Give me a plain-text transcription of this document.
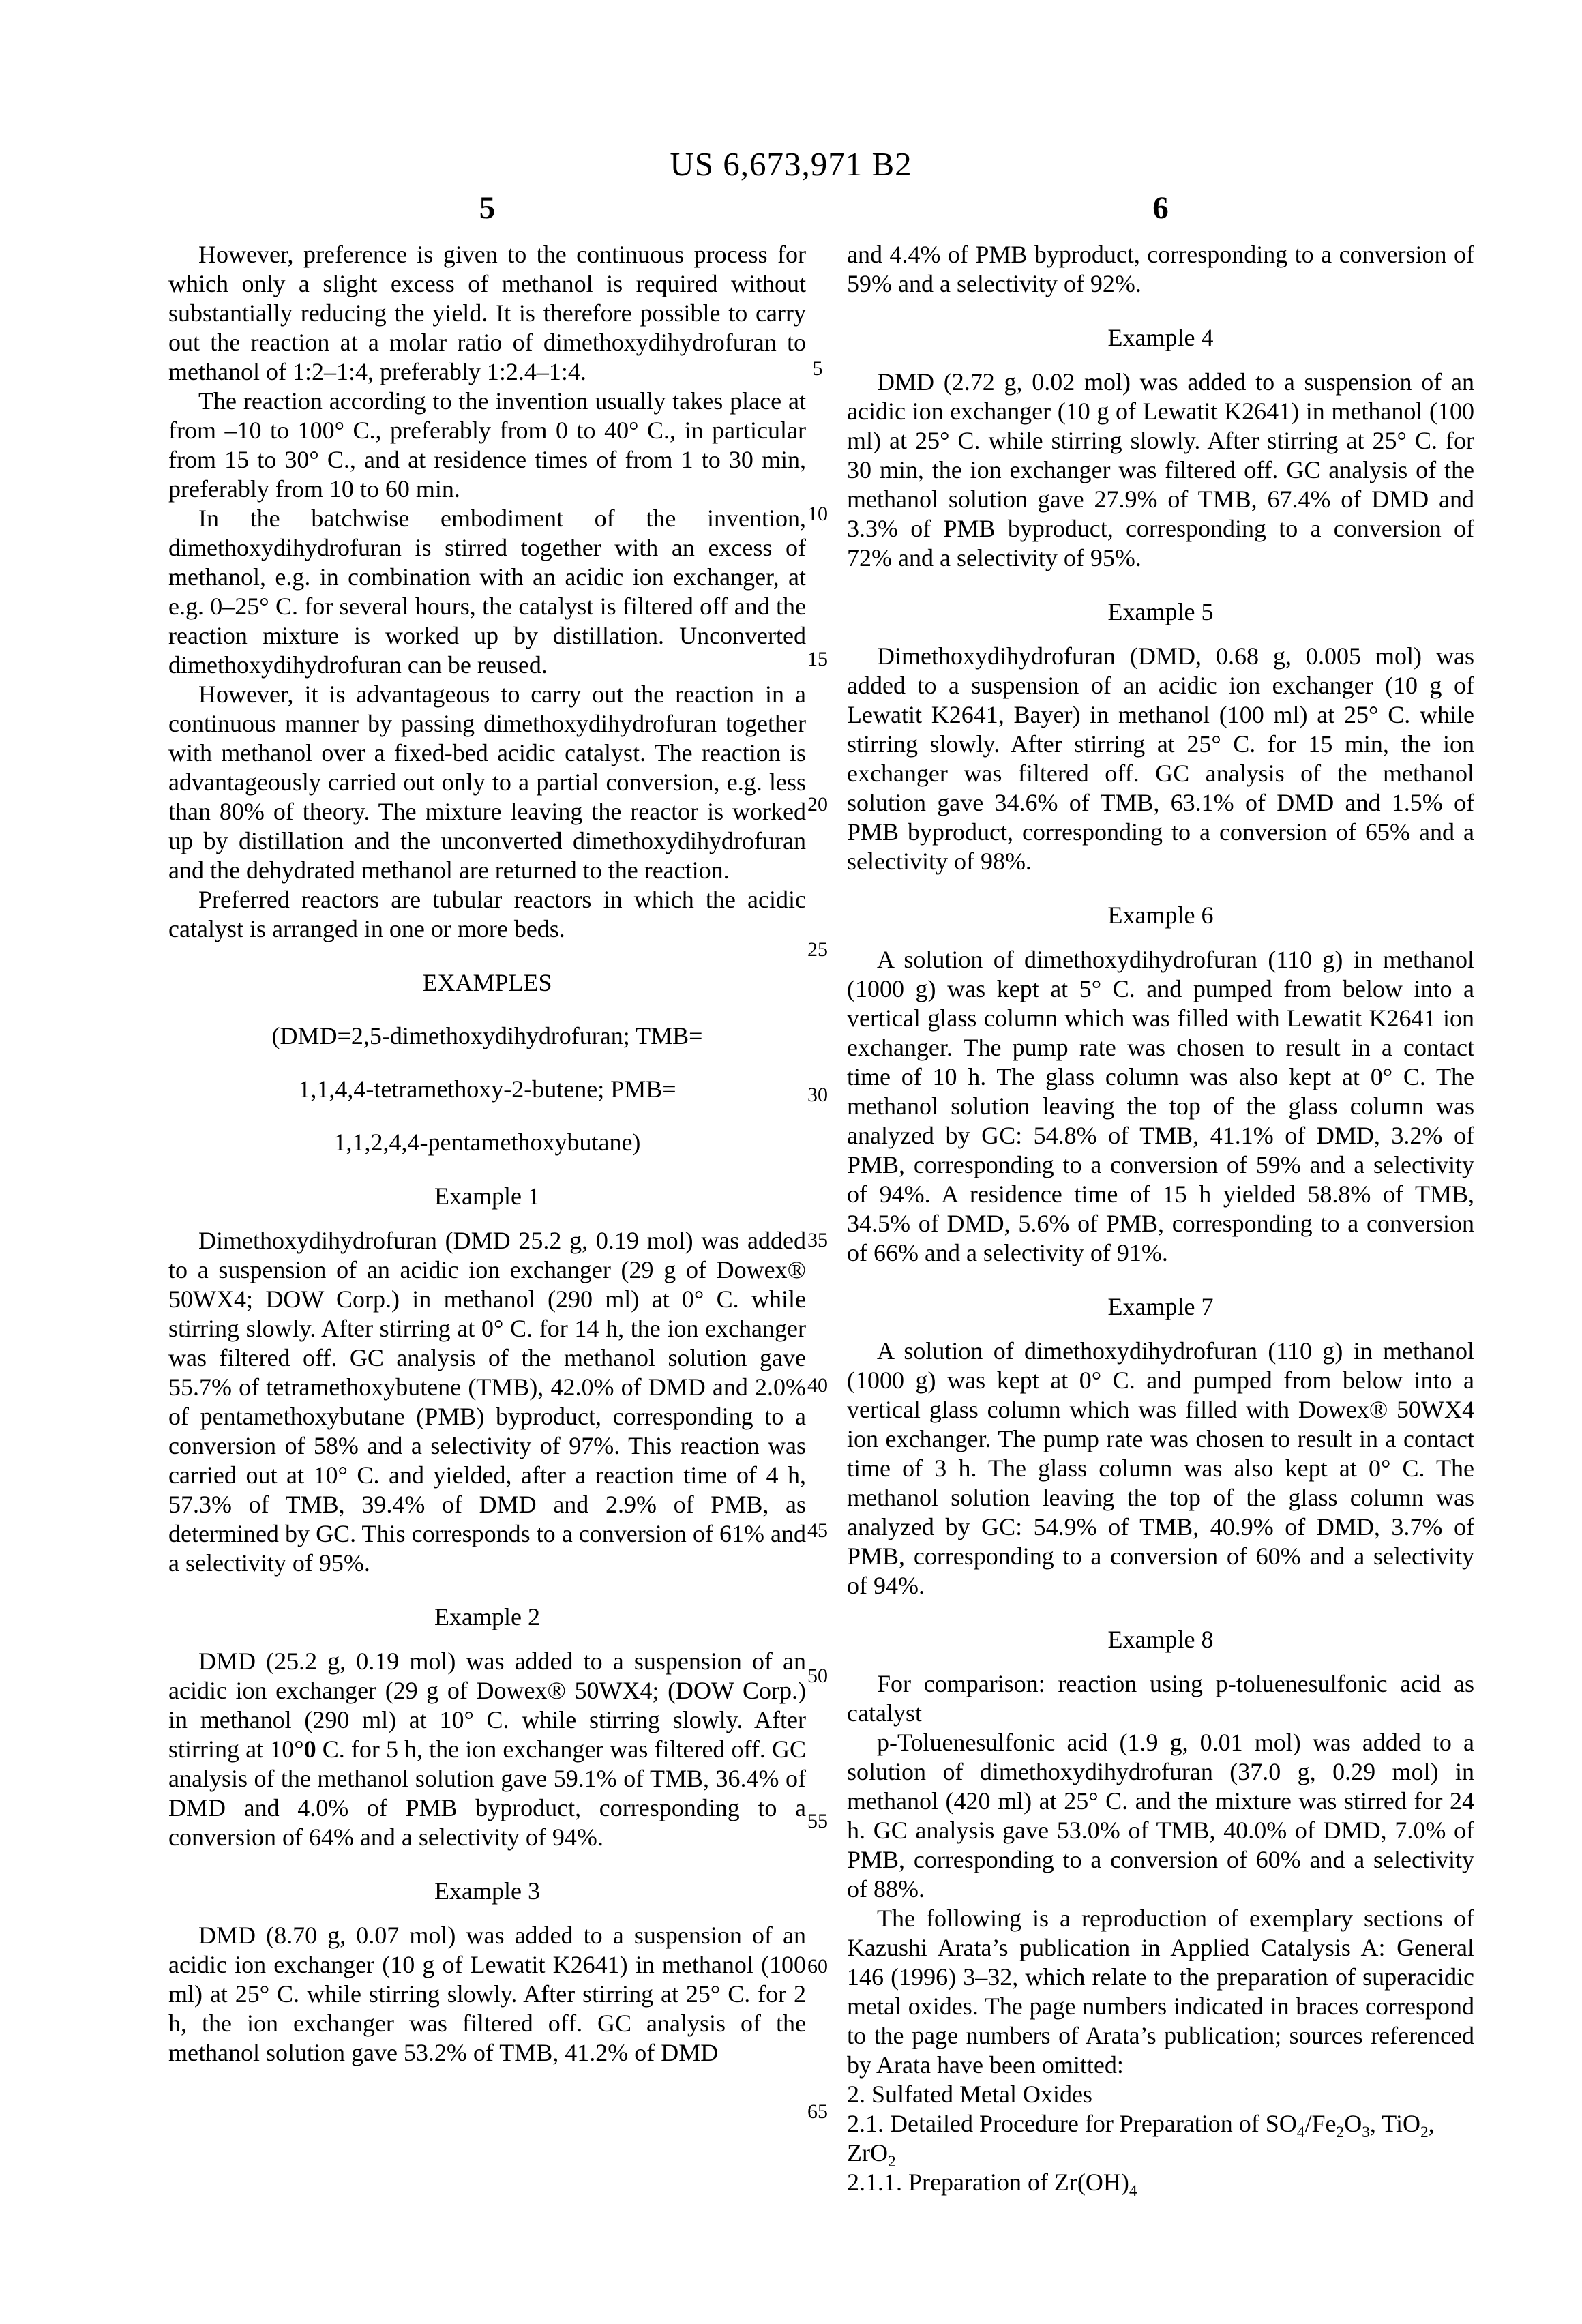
US 6,673,971 B2
5	6
5
10
15
20
25
30
35
40
45
50
55
60
65
However, preference is given to the continuous process for which only a slight excess of methanol is required without substantially reducing the yield. It is therefore possible to carry out the reaction at a molar ratio of dimethoxydihydrofuran to methanol of 1:2–1:4, preferably 1:2.4–1:4.
The reaction according to the invention usually takes place at from –10 to 100° C., preferably from 0 to 40° C., in particular from 15 to 30° C., and at residence times of from 1 to 30 min, preferably from 10 to 60 min.
In the batchwise embodiment of the invention, dimethoxydihydrofuran is stirred together with an excess of methanol, e.g. in combination with an acidic ion exchanger, at e.g. 0–25° C. for several hours, the catalyst is filtered off and the reaction mixture is worked up by distillation. Unconverted dimethoxydihydrofuran can be reused.
However, it is advantageous to carry out the reaction in a continuous manner by passing dimethoxydihydrofuran together with methanol over a fixed-bed acidic catalyst. The reaction is advantageously carried out only to a partial conversion, e.g. less than 80% of theory. The mixture leaving the reactor is worked up by distillation and the unconverted dimethoxydihydrofuran and the dehydrated methanol are returned to the reaction.
Preferred reactors are tubular reactors in which the acidic catalyst is arranged in one or more beds.
EXAMPLES
(DMD=2,5-dimethoxydihydrofuran; TMB=
1,1,4,4-tetramethoxy-2-butene; PMB=
1,1,2,4,4-pentamethoxybutane)
Example 1
Dimethoxydihydrofuran (DMD 25.2 g, 0.19 mol) was added to a suspension of an acidic ion exchanger (29 g of Dowex® 50WX4; DOW Corp.) in methanol (290 ml) at 0° C. while stirring slowly. After stirring at 0° C. for 14 h, the ion exchanger was filtered off. GC analysis of the methanol solution gave 55.7% of tetramethoxybutene (TMB), 42.0% of DMD and 2.0% of pentamethoxybutane (PMB) byproduct, corresponding to a conversion of 58% and a selectivity of 97%. This reaction was carried out at 10° C. and yielded, after a reaction time of 4 h, 57.3% of TMB, 39.4% of DMD and 2.9% of PMB, as determined by GC. This corresponds to a conversion of 61% and a selectivity of 95%.
Example 2
DMD (25.2 g, 0.19 mol) was added to a suspension of an acidic ion exchanger (29 g of Dowex® 50WX4; (DOW Corp.) in methanol (290 ml) at 10° C. while stirring slowly. After stirring at 10°0 C. for 5 h, the ion exchanger was filtered off. GC analysis of the methanol solution gave 59.1% of TMB, 36.4% of DMD and 4.0% of PMB byproduct, corresponding to a conversion of 64% and a selectivity of 94%.
Example 3
DMD (8.70 g, 0.07 mol) was added to a suspension of an acidic ion exchanger (10 g of Lewatit K2641) in methanol (100 ml) at 25° C. while stirring slowly. After stirring at 25° C. for 2 h, the ion exchanger was filtered off. GC analysis of the methanol solution gave 53.2% of TMB, 41.2% of DMD
and 4.4% of PMB byproduct, corresponding to a conversion of 59% and a selectivity of 92%.
Example 4
DMD (2.72 g, 0.02 mol) was added to a suspension of an acidic ion exchanger (10 g of Lewatit K2641) in methanol (100 ml) at 25° C. while stirring slowly. After stirring at 25° C. for 30 min, the ion exchanger was filtered off. GC analysis of the methanol solution gave 27.9% of TMB, 67.4% of DMD and 3.3% of PMB byproduct, corresponding to a conversion of 72% and a selectivity of 95%.
Example 5
Dimethoxydihydrofuran (DMD, 0.68 g, 0.005 mol) was added to a suspension of an acidic ion exchanger (10 g of Lewatit K2641, Bayer) in methanol (100 ml) at 25° C. while stirring slowly. After stirring at 25° C. for 15 min, the ion exchanger was filtered off. GC analysis of the methanol solution gave 34.6% of TMB, 63.1% of DMD and 1.5% of PMB byproduct, corresponding to a conversion of 65% and a selectivity of 98%.
Example 6
A solution of dimethoxydihydrofuran (110 g) in methanol (1000 g) was kept at 5° C. and pumped from below into a vertical glass column which was filled with Lewatit K2641 ion exchanger. The pump rate was chosen to result in a contact time of 10 h. The glass column was also kept at 0° C. The methanol solution leaving the top of the glass column was analyzed by GC: 54.8% of TMB, 41.1% of DMD, 3.2% of PMB, corresponding to a conversion of 59% and a selectivity of 94%. A residence time of 15 h yielded 58.8% of TMB, 34.5% of DMD, 5.6% of PMB, corresponding to a conversion of 66% and a selectivity of 91%.
Example 7
A solution of dimethoxydihydrofuran (110 g) in methanol (1000 g) was kept at 0° C. and pumped from below into a vertical glass column which was filled with Dowex® 50WX4 ion exchanger. The pump rate was chosen to result in a contact time of 3 h. The glass column was also kept at 0° C. The methanol solution leaving the top of the glass column was analyzed by GC: 54.9% of TMB, 40.9% of DMD, 3.7% of PMB, corresponding to a conversion of 60% and a selectivity of 94%.
Example 8
For comparison: reaction using p-toluenesulfonic acid as catalyst
p-Toluenesulfonic acid (1.9 g, 0.01 mol) was added to a solution of dimethoxydihydrofuran (37.0 g, 0.29 mol) in methanol (420 ml) at 25° C. and the mixture was stirred for 24 h. GC analysis gave 53.0% of TMB, 40.0% of DMD, 7.0% of PMB, corresponding to a conversion of 60% and a selectivity of 88%.
The following is a reproduction of exemplary sections of Kazushi Arata’s publication in Applied Catalysis A: General 146 (1996) 3–32, which relate to the preparation of superacidic metal oxides. The page numbers indicated in braces correspond to the page numbers of Arata’s publication; sources referenced by Arata have been omitted:
2. Sulfated Metal Oxides
2.1. Detailed Procedure for Preparation of $SO_4/Fe_2O_3$, TiO$_2$, ZrO$_2$
2.1.1. Preparation of $Zr(OH)_4$
